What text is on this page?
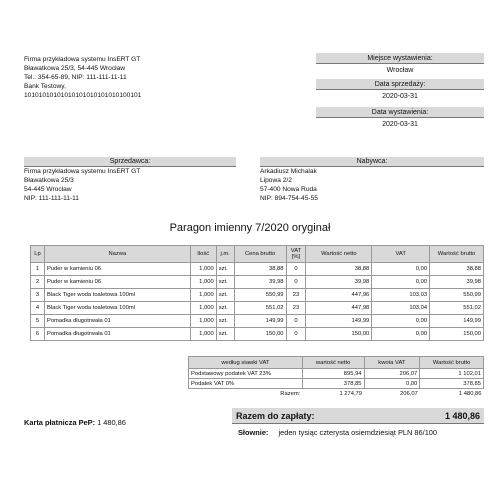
Firma przykładowa systemu InsERT GT
Bławatkowa 25/3, 54-445 Wrocław
Tel.: 354-65-89, NIP: 111-111-11-11
Bank Testowy,
10101010101010101010101010100101
Miejsce wystawienia:
Wrocław
Data sprzedaży:
2020-03-31
Data wystawienia:
2020-03-31
Sprzedawca:
Firma przykładowa systemu InsERT GT
Bławatkowa 25/3
54-445 Wrocław
NIP: 111-111-11-11
Nabywca:
Arkadiusz Michalak
Lipowa 2/2
57-400 Nowa Ruda
NIP: 894-754-45-55
Paragon imienny 7/2020 oryginał
Lp	Nazwa	Ilość	j.m.	Cena brutto	VAT [%]	Wartość netto	VAT	Wartość brutto
1	Puder w kamieniu 06	1,000	szt.	38,88	0	38,88	0,00	38,88
2	Puder w kamieniu 06	1,000	szt.	39,98	0	39,98	0,00	39,98
3	Black Tiger woda toaletowa 100ml	1,000	szt.	550,99	23	447,96	103,03	550,99
4	Black Tiger woda toaletowa 100ml	1,000	szt.	551,02	23	447,98	103,04	551,02
5	Pomadka długotrwała 01	1,000	szt.	149,99	0	149,99	0,00	149,99
6	Pomadka długotrwała 01	1,000	szt.	150,00	0	150,00	0,00	150,00
według stawki VAT	wartość netto	kwota VAT	Wartość brutto
Podstawowy podatek VAT 23%	895,94	206,07	1 102,01
Podatek VAT 0%	378,85	0,00	378,85
Razem:	1 274,79	206,07	1 480,86
Karta płatnicza PeP: 1 480,86
Razem do zapłaty:	1 480,86
Słownie: jeden tysiąc czterysta osiemdziesiąt PLN 86/100
